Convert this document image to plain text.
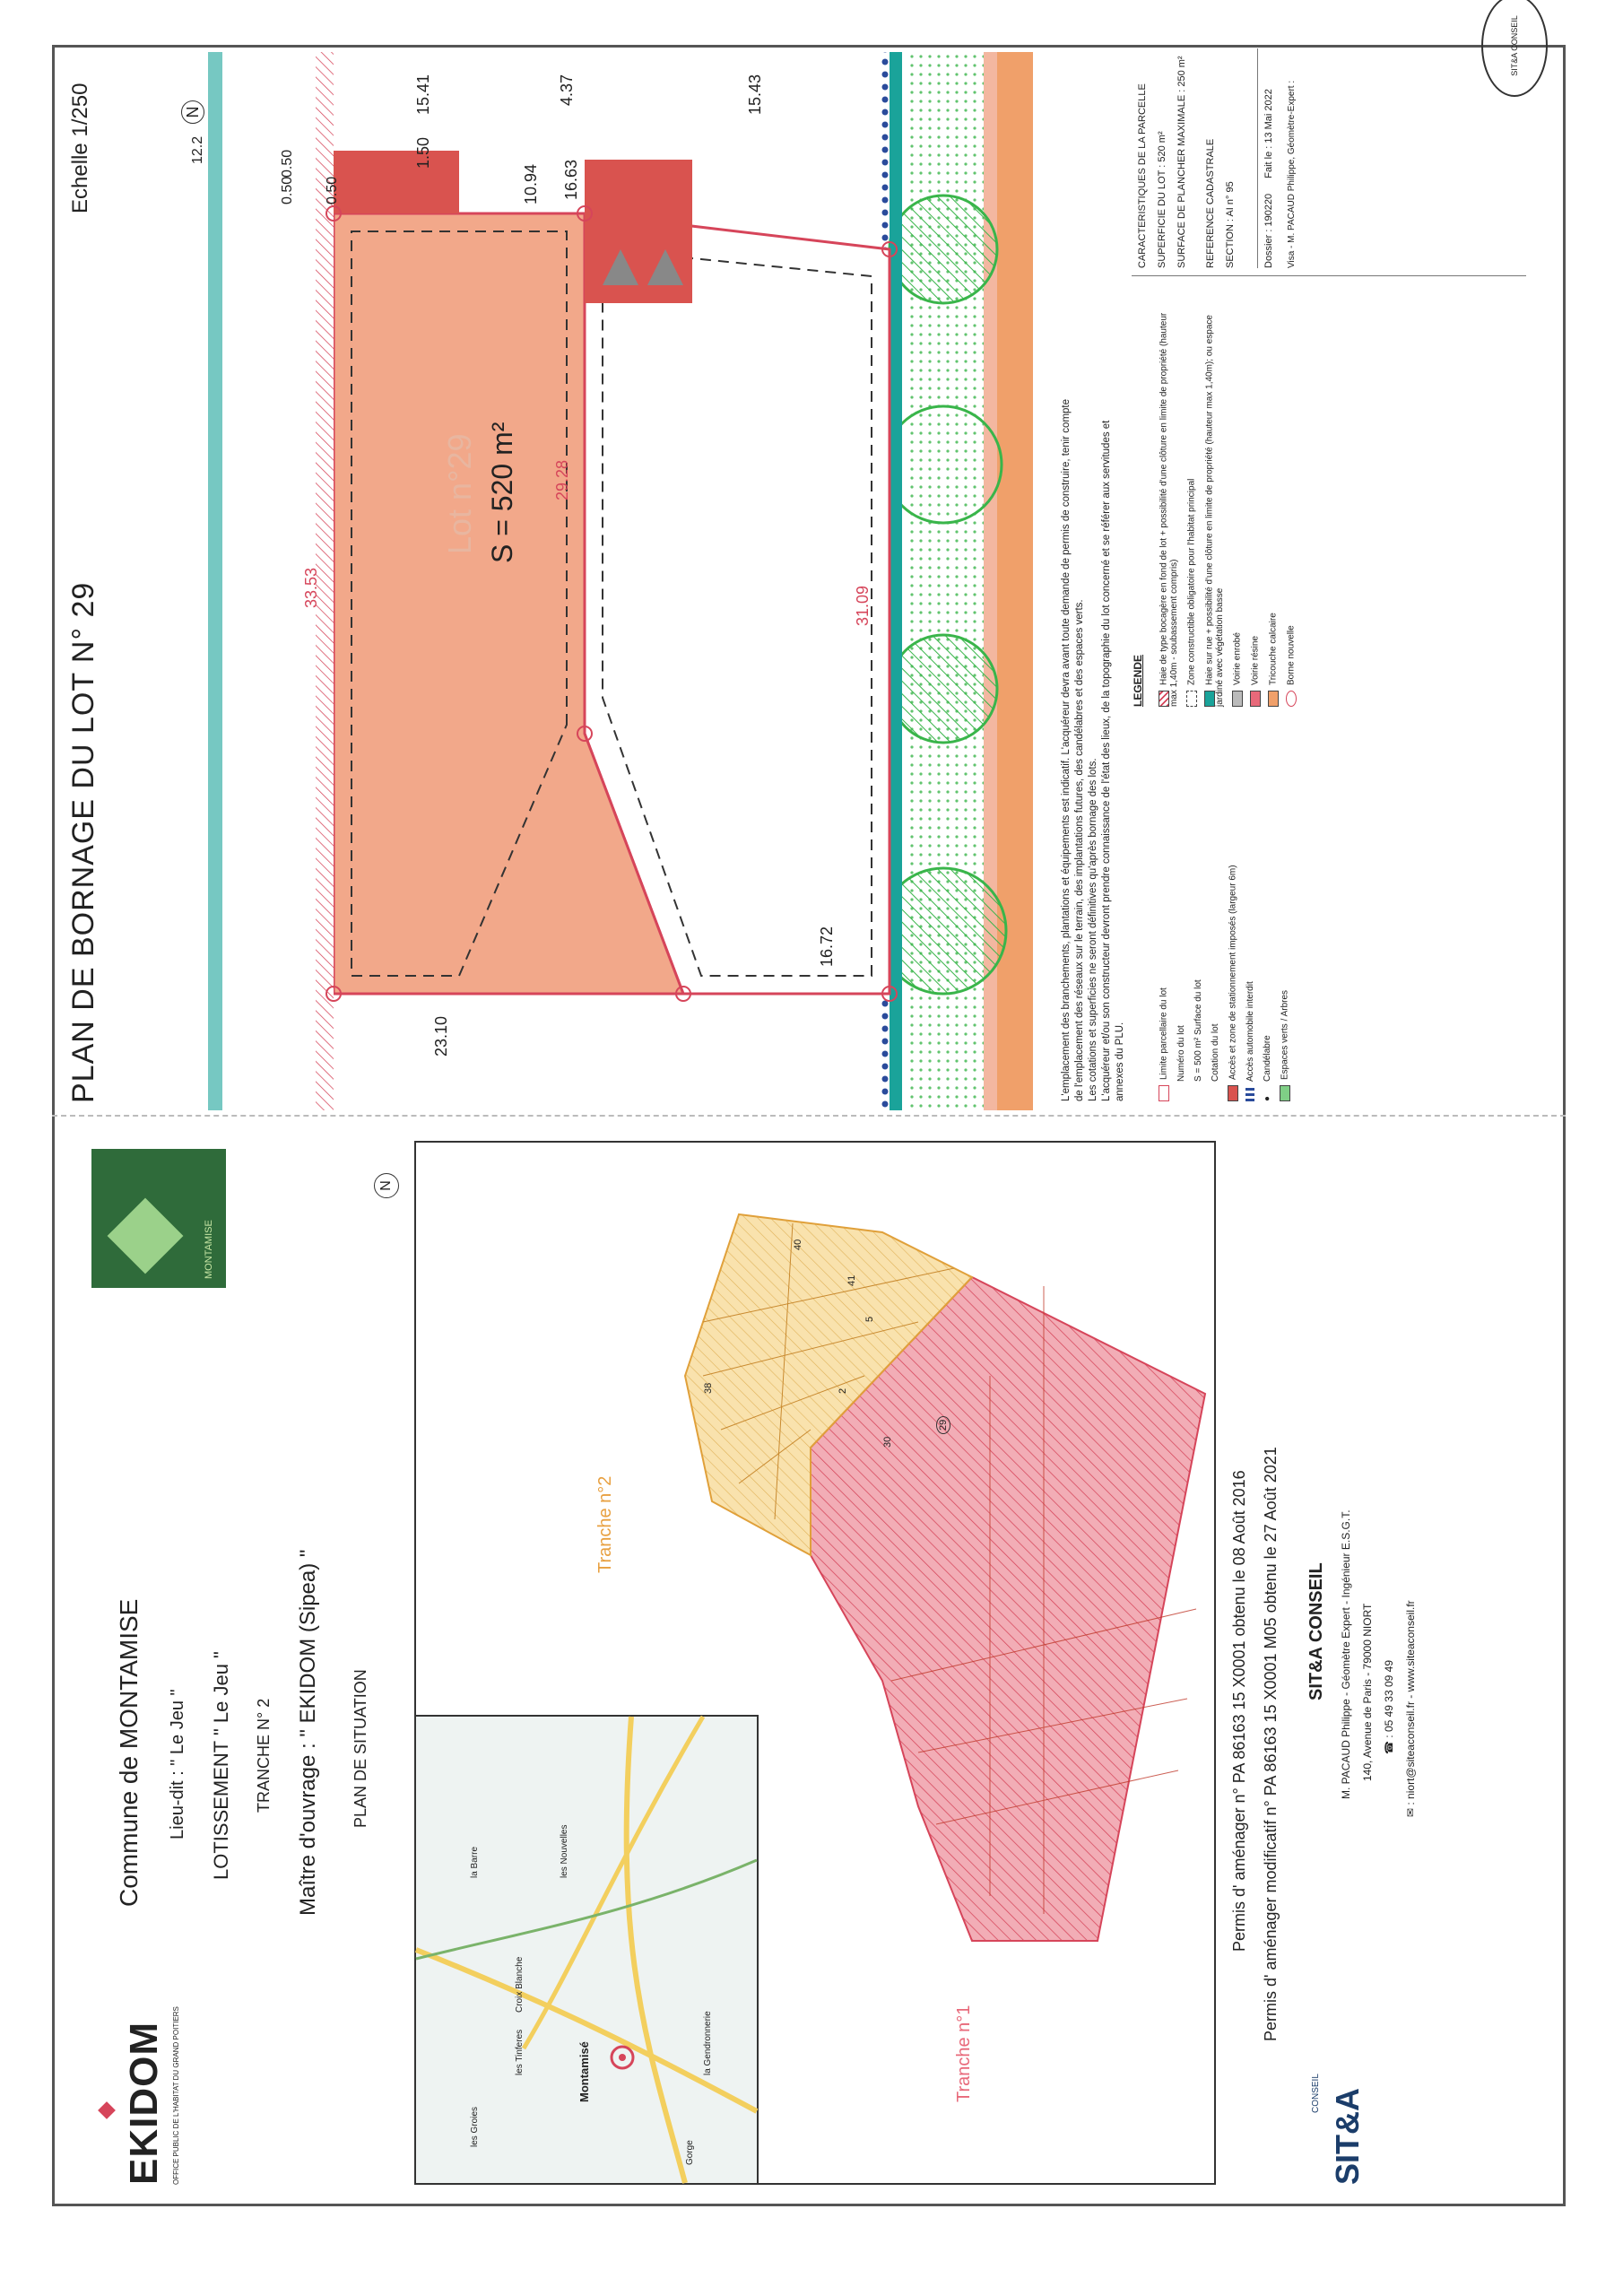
PLAN DE BORNAGE DU LOT N° 29
Echelle 1/250
Lot n°29 S = 520 m²
33.53
29.28
31.09
23.10
16.72
16.63
10.94
15.43
4.37
15.41
1.50
0.50
0.50
0.50
12.2
N
L'emplacement des branchements, plantations et équipements est indicatif. L'acquéreur devra avant toute demande de permis de construire, tenir compte de l'emplacement des réseaux sur le terrain, des implantations futures, des candélabres et des espaces verts. Les cotations et superficies ne seront définitives qu'après bornage des lots. L'acquéreur et/ou son constructeur devront prendre connaissance de l'état des lieux, de la topographie du lot concerné et se référer aux servitudes et annexes du PLU.
LEGENDE
Limite parcellaire du lot Numéro du lot S = 500 m² Surface du lot Cotation du lot Accès et zone de stationnement imposés (largeur 6m) Accès automobile interdit
●Candélabre Espaces verts / Arbres
Haie de type bocagère en fond de lot + possibilité d'une clôture en limite de propriété (hauteur max 1,40m - soubassement compris) Zone constructible obligatoire pour l'habitat principal Haie sur rue + possibilité d'une clôture en limite de propriété (hauteur max 1,40m); ou espace jardiné avec végétation basse Voirie enrobé Voirie résine Tricouche calcaire Borne nouvelle
CARACTERISTIQUES DE LA PARCELLE SUPERFICIE DU LOT : 520 m² SURFACE DE PLANCHER MAXIMALE : 250 m²
REFERENCE CADASTRALE SECTION : AI n° 95	Dossier : 190220 Fait le : 13 Mai 2022 Visa - M. PACAUD Philippe, Géomètre-Expert :
SIT&A CONSEIL
EKIDOM OFFICE PUBLIC DE L'HABITAT DU GRAND POITIERS
Commune de MONTAMISE Lieu-dit : " Le Jeu " LOTISSEMENT " Le Jeu " TRANCHE N° 2 Maître d'ouvrage : " EKIDOM (Sipea) " PLAN DE SITUATION
MONTAMISE
N
Montamisé
les Groies
la Barre	les Nouvelles
Croix Blanche
les Tinferes
Gorge
la Gendronnerie	Tranche n°1
Tranche n°2
40
41
38
30
29
2
5
Permis d' aménager n° PA 86163 15 X0001 obtenu le 08 Août 2016 Permis d' aménager modificatif n° PA 86163 15 X0001 M05 obtenu le 27 Août 2021
SIT&A
CONSEIL
SIT&A CONSEIL M. PACAUD Philippe - Géomètre Expert - Ingénieur E.S.G.T. 140, Avenue de Paris - 79000 NIORT ☎ : 05 49 33 09 49 ✉ : niort@siteaconseil.fr - www.siteaconseil.fr
